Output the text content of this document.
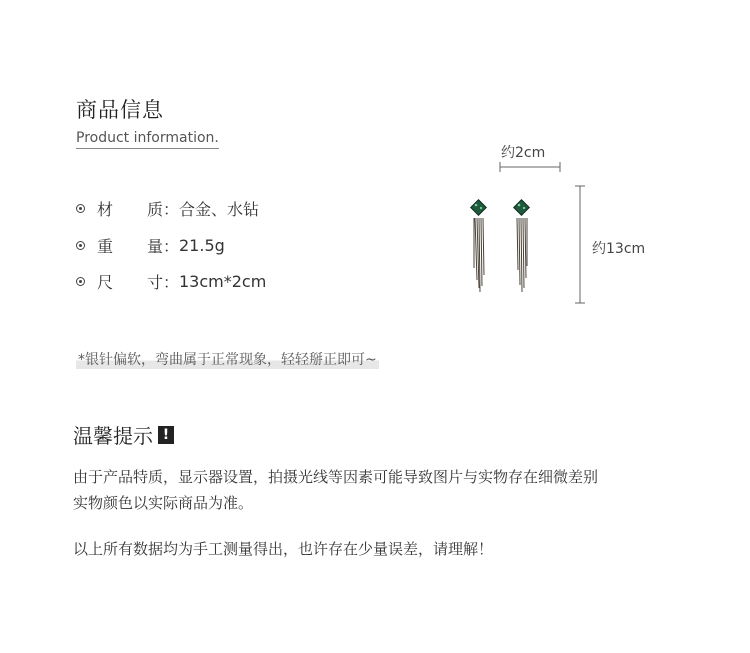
商品信息
Product information.
材 质： 合金、水钻
重 量： 21.5g
尺 寸： 13cm*2cm
约2cm
约13cm
*银针偏软，弯曲属于正常现象，轻轻掰正即可~
温馨提示 !
由于产品特质，显示器设置，拍摄光线等因素可能导致图片与实物存在细微差别
实物颜色以实际商品为准。
以上所有数据均为手工测量得出，也许存在少量误差，请理解！
